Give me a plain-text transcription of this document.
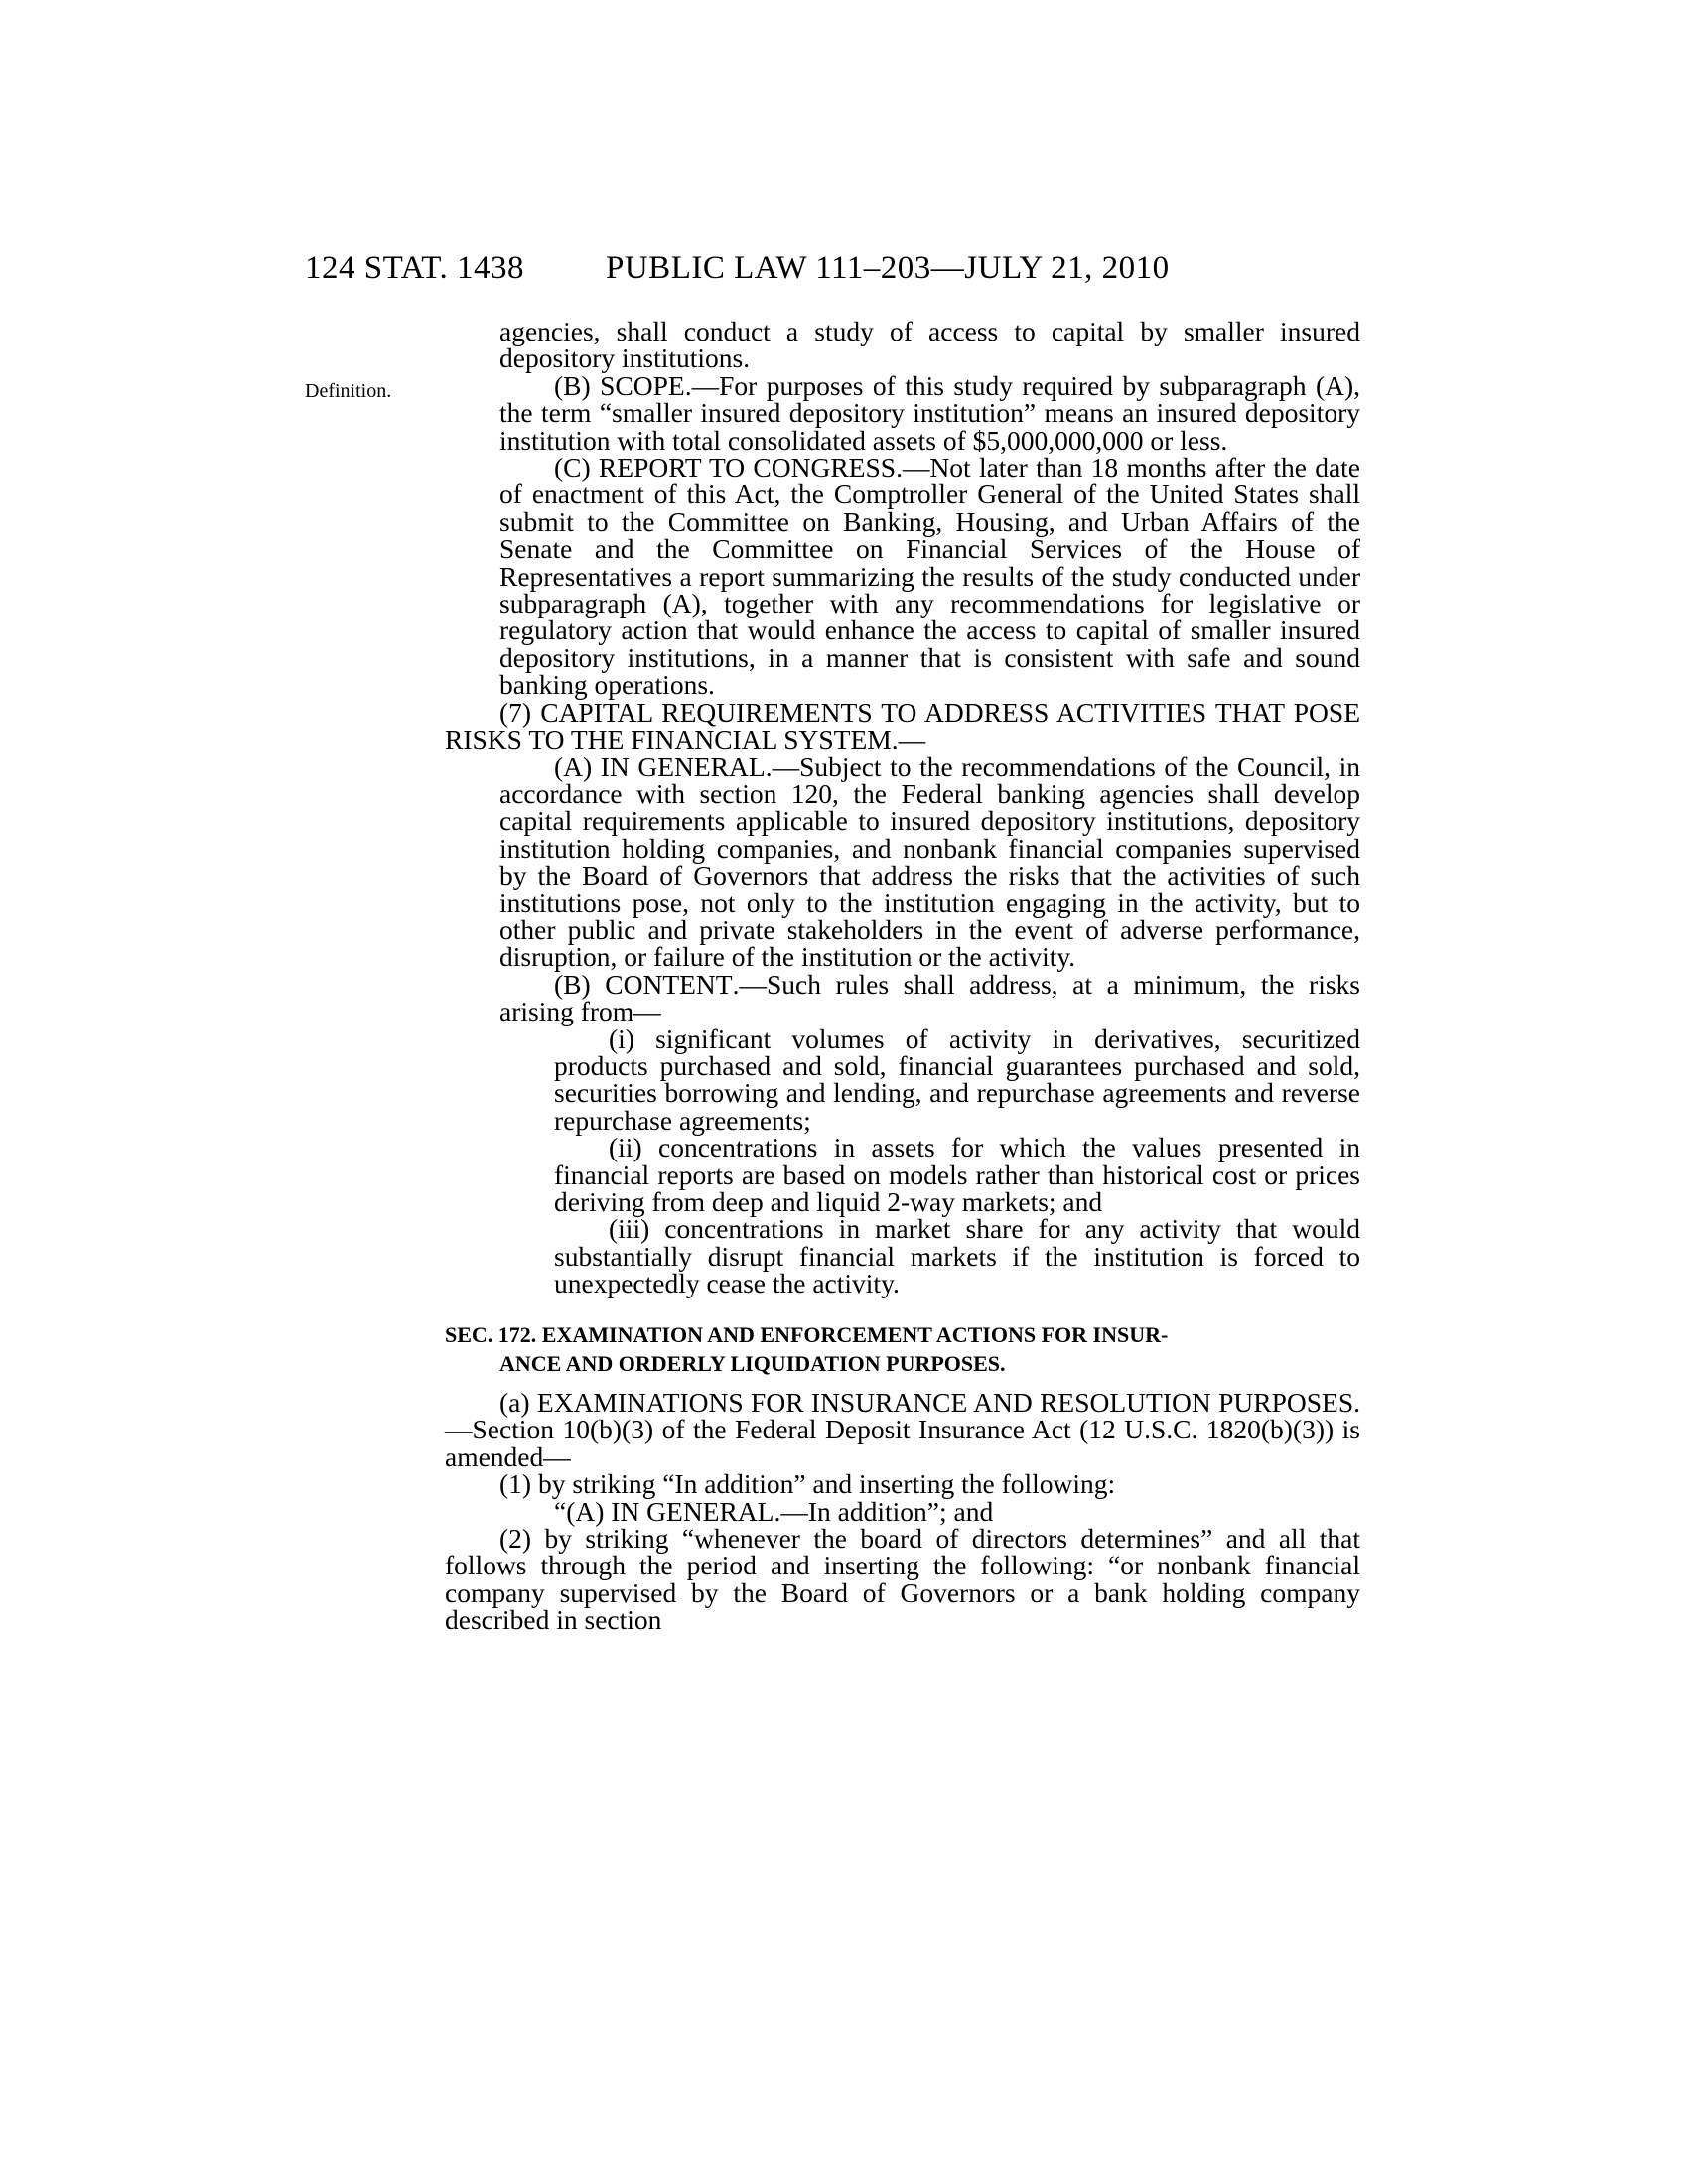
124 STAT. 1438 PUBLIC LAW 111–203—JULY 21, 2010
Definition.

agencies, shall conduct a study of access to capital by smaller insured depository institutions.

(B) SCOPE.—For purposes of this study required by subparagraph (A), the term “smaller insured depository institution” means an insured depository institution with total consolidated assets of $5,000,000,000 or less.

(C) REPORT TO CONGRESS.—Not later than 18 months after the date of enactment of this Act, the Comptroller General of the United States shall submit to the Committee on Banking, Housing, and Urban Affairs of the Senate and the Committee on Financial Services of the House of Representatives a report summarizing the results of the study conducted under subparagraph (A), together with any recommendations for legislative or regulatory action that would enhance the access to capital of smaller insured depository institutions, in a manner that is consistent with safe and sound banking operations.

(7) CAPITAL REQUIREMENTS TO ADDRESS ACTIVITIES THAT POSE RISKS TO THE FINANCIAL SYSTEM.—

(A) IN GENERAL.—Subject to the recommendations of the Council, in accordance with section 120, the Federal banking agencies shall develop capital requirements applicable to insured depository institutions, depository institution holding companies, and nonbank financial companies supervised by the Board of Governors that address the risks that the activities of such institutions pose, not only to the institution engaging in the activity, but to other public and private stakeholders in the event of adverse performance, disruption, or failure of the institution or the activity.

(B) CONTENT.—Such rules shall address, at a minimum, the risks arising from—

(i) significant volumes of activity in derivatives, securitized products purchased and sold, financial guarantees purchased and sold, securities borrowing and lending, and repurchase agreements and reverse repurchase agreements;

(ii) concentrations in assets for which the values presented in financial reports are based on models rather than historical cost or prices deriving from deep and liquid 2-way markets; and

(iii) concentrations in market share for any activity that would substantially disrupt financial markets if the institution is forced to unexpectedly cease the activity.

SEC. 172. EXAMINATION AND ENFORCEMENT ACTIONS FOR INSUR-

ANCE AND ORDERLY LIQUIDATION PURPOSES.

(a) EXAMINATIONS FOR INSURANCE AND RESOLUTION PURPOSES.—Section 10(b)(3) of the Federal Deposit Insurance Act (12 U.S.C. 1820(b)(3)) is amended—

(1) by striking “In addition” and inserting the following:

“(A) IN GENERAL.—In addition”; and

(2) by striking “whenever the board of directors determines” and all that follows through the period and inserting the following: “or nonbank financial company supervised by the Board of Governors or a bank holding company described in section
